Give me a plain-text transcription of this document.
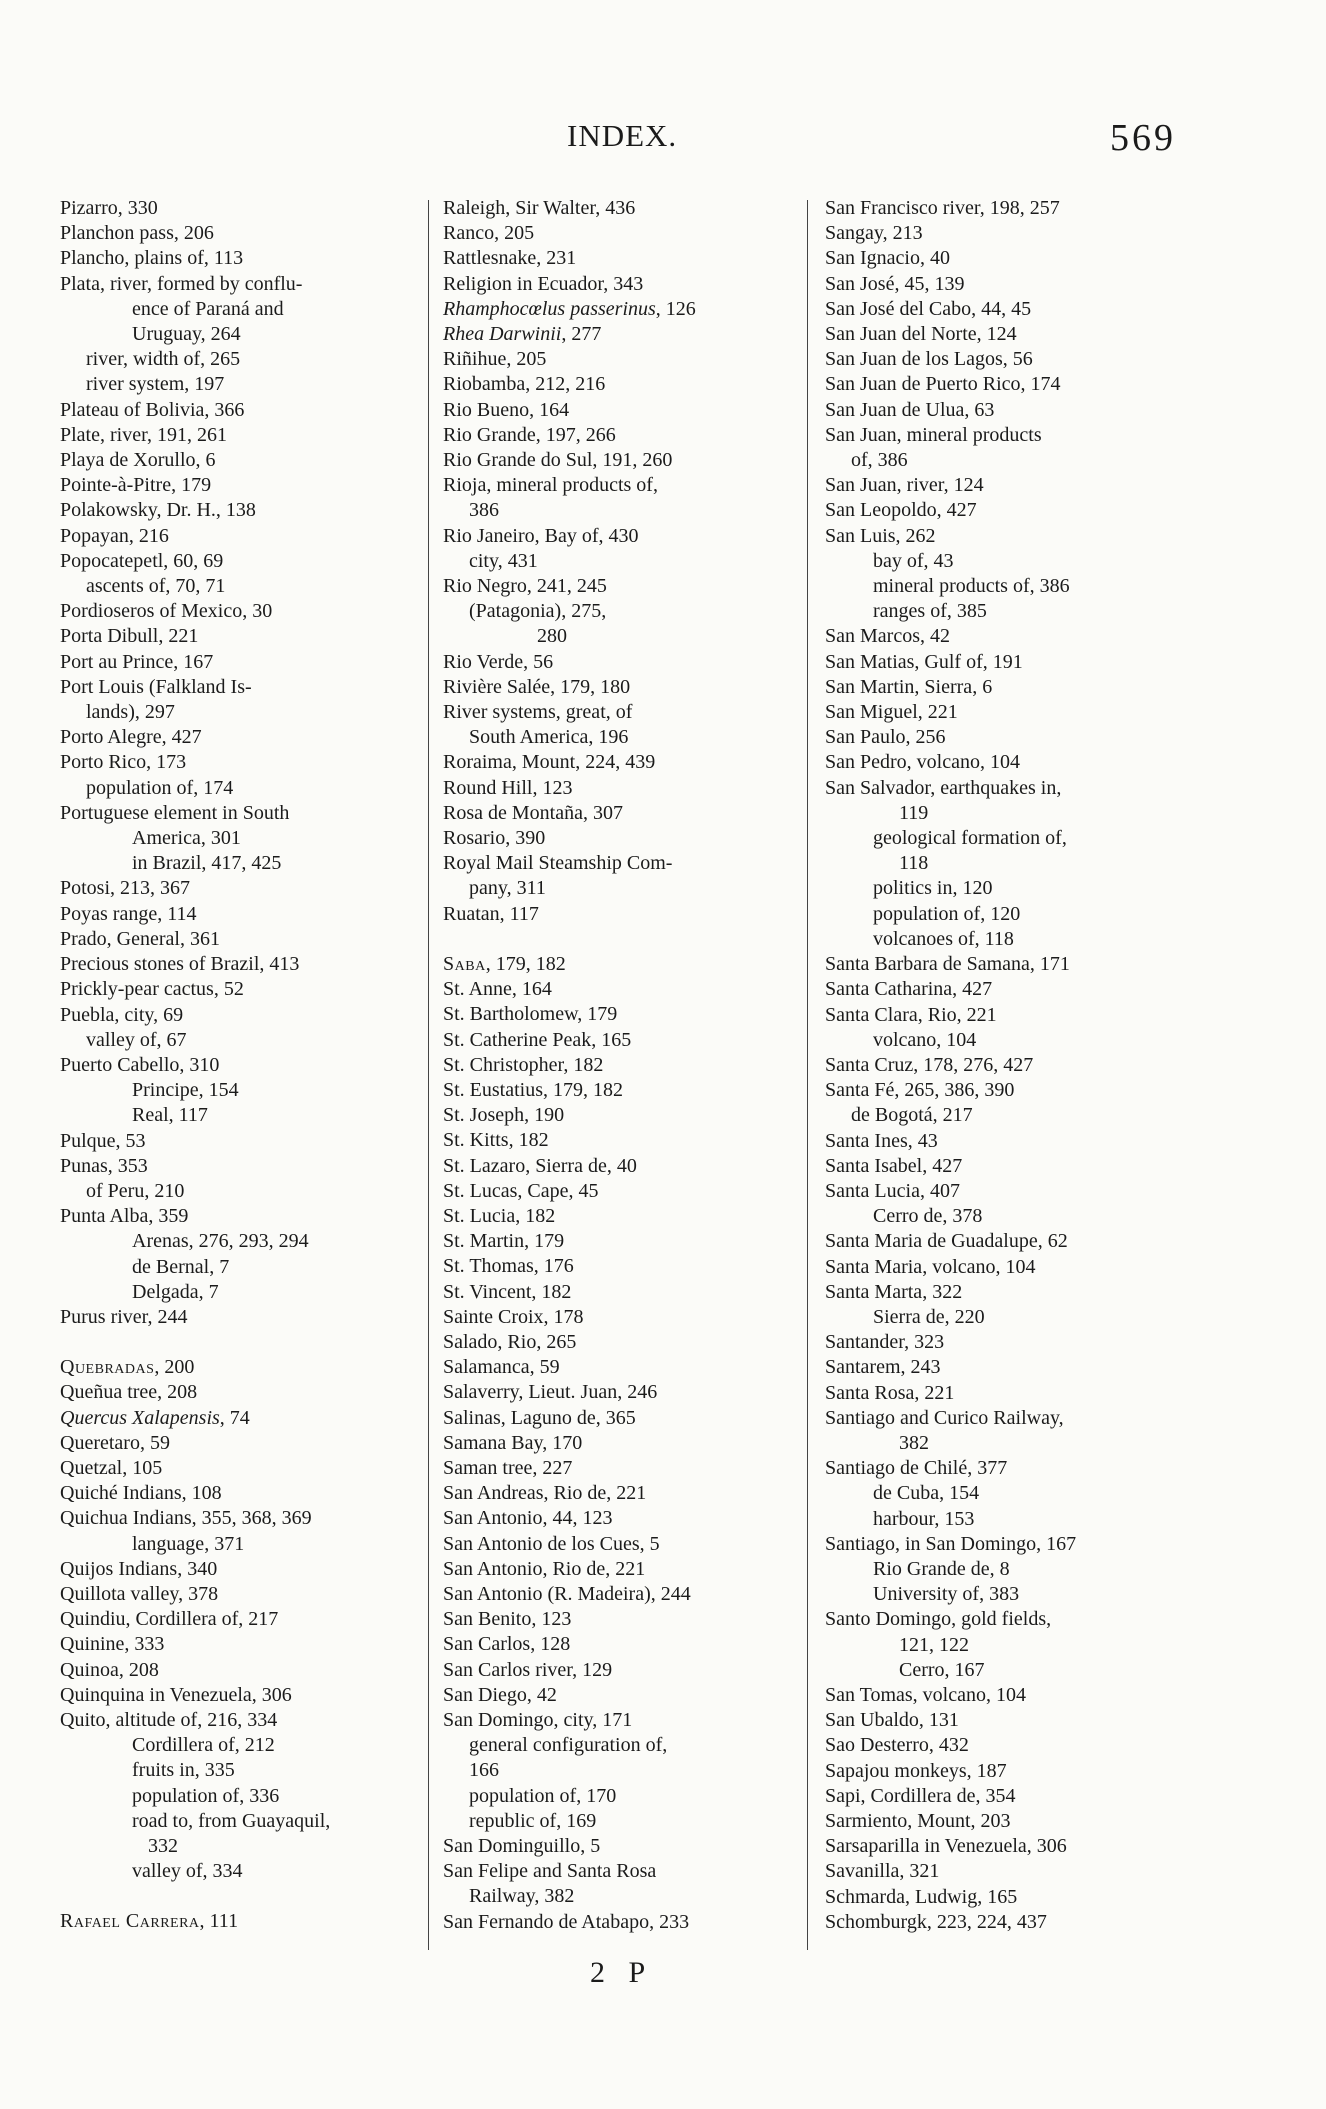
INDEX.	569
Pizarro, 330
Planchon pass, 206
Plancho, plains of, 113
Plata, river, formed by conflu-
ence of Paraná and
Uruguay, 264
river, width of, 265
river system, 197
Plateau of Bolivia, 366
Plate, river, 191, 261
Playa de Xorullo, 6
Pointe-à-Pitre, 179
Polakowsky, Dr. H., 138
Popayan, 216
Popocatepetl, 60, 69
ascents of, 70, 71
Pordioseros of Mexico, 30
Porta Dibull, 221
Port au Prince, 167
Port Louis (Falkland Is-
lands), 297
Porto Alegre, 427
Porto Rico, 173
population of, 174
Portuguese element in South
America, 301
in Brazil, 417, 425
Potosi, 213, 367
Poyas range, 114
Prado, General, 361
Precious stones of Brazil, 413
Prickly-pear cactus, 52
Puebla, city, 69
valley of, 67
Puerto Cabello, 310
Principe, 154
Real, 117
Pulque, 53
Punas, 353
of Peru, 210
Punta Alba, 359
Arenas, 276, 293, 294
de Bernal, 7
Delgada, 7
Purus river, 244
Quebradas, 200
Queñua tree, 208
Quercus Xalapensis, 74
Queretaro, 59
Quetzal, 105
Quiché Indians, 108
Quichua Indians, 355, 368, 369
language, 371
Quijos Indians, 340
Quillota valley, 378
Quindiu, Cordillera of, 217
Quinine, 333
Quinoa, 208
Quinquina in Venezuela, 306
Quito, altitude of, 216, 334
Cordillera of, 212
fruits in, 335
population of, 336
road to, from Guayaquil,
332
valley of, 334
Rafael Carrera, 111
Raleigh, Sir Walter, 436
Ranco, 205
Rattlesnake, 231
Religion in Ecuador, 343
Rhamphocœlus passerinus, 126
Rhea Darwinii, 277
Riñihue, 205
Riobamba, 212, 216
Rio Bueno, 164
Rio Grande, 197, 266
Rio Grande do Sul, 191, 260
Rioja, mineral products of,
386
Rio Janeiro, Bay of, 430
city, 431
Rio Negro, 241, 245
(Patagonia), 275,
280
Rio Verde, 56
Rivière Salée, 179, 180
River systems, great, of
South America, 196
Roraima, Mount, 224, 439
Round Hill, 123
Rosa de Montaña, 307
Rosario, 390
Royal Mail Steamship Com-
pany, 311
Ruatan, 117
Saba, 179, 182
St. Anne, 164
St. Bartholomew, 179
St. Catherine Peak, 165
St. Christopher, 182
St. Eustatius, 179, 182
St. Joseph, 190
St. Kitts, 182
St. Lazaro, Sierra de, 40
St. Lucas, Cape, 45
St. Lucia, 182
St. Martin, 179
St. Thomas, 176
St. Vincent, 182
Sainte Croix, 178
Salado, Rio, 265
Salamanca, 59
Salaverry, Lieut. Juan, 246
Salinas, Laguno de, 365
Samana Bay, 170
Saman tree, 227
San Andreas, Rio de, 221
San Antonio, 44, 123
San Antonio de los Cues, 5
San Antonio, Rio de, 221
San Antonio (R. Madeira), 244
San Benito, 123
San Carlos, 128
San Carlos river, 129
San Diego, 42
San Domingo, city, 171
general configuration of,
166
population of, 170
republic of, 169
San Dominguillo, 5
San Felipe and Santa Rosa
Railway, 382
San Fernando de Atabapo, 233
San Francisco river, 198, 257
Sangay, 213
San Ignacio, 40
San José, 45, 139
San José del Cabo, 44, 45
San Juan del Norte, 124
San Juan de los Lagos, 56
San Juan de Puerto Rico, 174
San Juan de Ulua, 63
San Juan, mineral products
of, 386
San Juan, river, 124
San Leopoldo, 427
San Luis, 262
bay of, 43
mineral products of, 386
ranges of, 385
San Marcos, 42
San Matias, Gulf of, 191
San Martin, Sierra, 6
San Miguel, 221
San Paulo, 256
San Pedro, volcano, 104
San Salvador, earthquakes in,
119
geological formation of,
118
politics in, 120
population of, 120
volcanoes of, 118
Santa Barbara de Samana, 171
Santa Catharina, 427
Santa Clara, Rio, 221
volcano, 104
Santa Cruz, 178, 276, 427
Santa Fé, 265, 386, 390
de Bogotá, 217
Santa Ines, 43
Santa Isabel, 427
Santa Lucia, 407
Cerro de, 378
Santa Maria de Guadalupe, 62
Santa Maria, volcano, 104
Santa Marta, 322
Sierra de, 220
Santander, 323
Santarem, 243
Santa Rosa, 221
Santiago and Curico Railway,
382
Santiago de Chilé, 377
de Cuba, 154
harbour, 153
Santiago, in San Domingo, 167
Rio Grande de, 8
University of, 383
Santo Domingo, gold fields,
121, 122
Cerro, 167
San Tomas, volcano, 104
San Ubaldo, 131
Sao Desterro, 432
Sapajou monkeys, 187
Sapi, Cordillera de, 354
Sarmiento, Mount, 203
Sarsaparilla in Venezuela, 306
Savanilla, 321
Schmarda, Ludwig, 165
Schomburgk, 223, 224, 437
2 P
